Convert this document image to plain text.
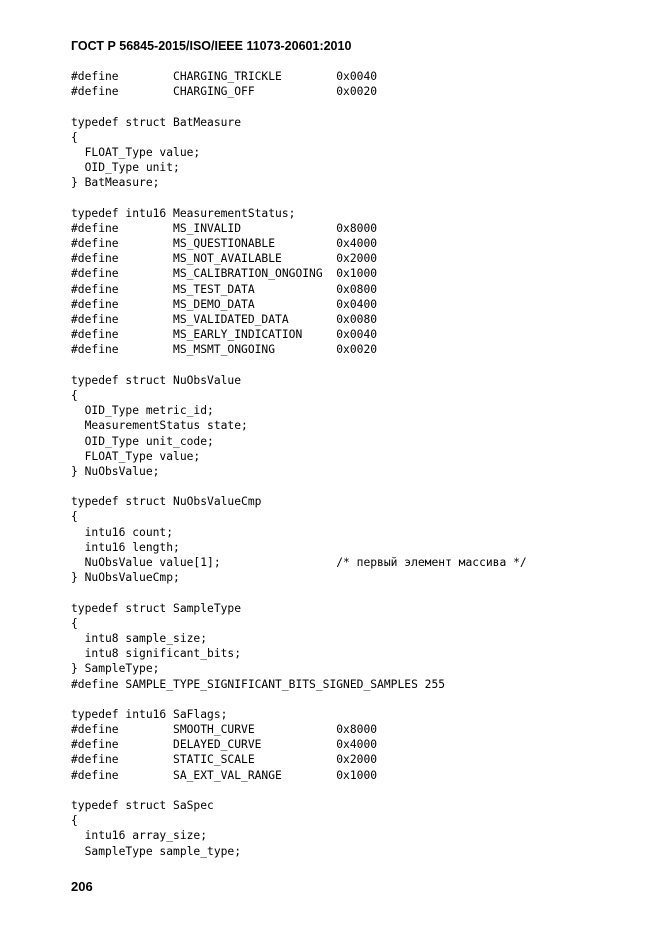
ГОСТ Р 56845-2015/ISO/IEEE 11073-20601:2010
#define        CHARGING_TRICKLE        0x0040
#define        CHARGING_OFF            0x0020
typedef struct BatMeasure
{
FLOAT_Type value;
OID_Type unit;
} BatMeasure;
typedef intu16 MeasurementStatus;
#define        MS_INVALID              0x8000
#define        MS_QUESTIONABLE         0x4000
#define        MS_NOT_AVAILABLE        0x2000
#define        MS_CALIBRATION_ONGOING  0x1000
#define        MS_TEST_DATA            0x0800
#define        MS_DEMO_DATA            0x0400
#define        MS_VALIDATED_DATA       0x0080
#define        MS_EARLY_INDICATION     0x0040
#define        MS_MSMT_ONGOING         0x0020
typedef struct NuObsValue
{
OID_Type metric_id;
MeasurementStatus state;
OID_Type unit_code;
FLOAT_Type value;
} NuObsValue;
typedef struct NuObsValueCmp
{
intu16 count;
intu16 length;
NuObsValue value[1];                 /* первый элемент массива */
} NuObsValueCmp;
typedef struct SampleType
{
intu8 sample_size;
intu8 significant_bits;
} SampleType;
#define SAMPLE_TYPE_SIGNIFICANT_BITS_SIGNED_SAMPLES 255
typedef intu16 SaFlags;
#define        SMOOTH_CURVE            0x8000
#define        DELAYED_CURVE           0x4000
#define        STATIC_SCALE            0x2000
#define        SA_EXT_VAL_RANGE        0x1000
typedef struct SaSpec
{
intu16 array_size;
SampleType sample_type;
206
